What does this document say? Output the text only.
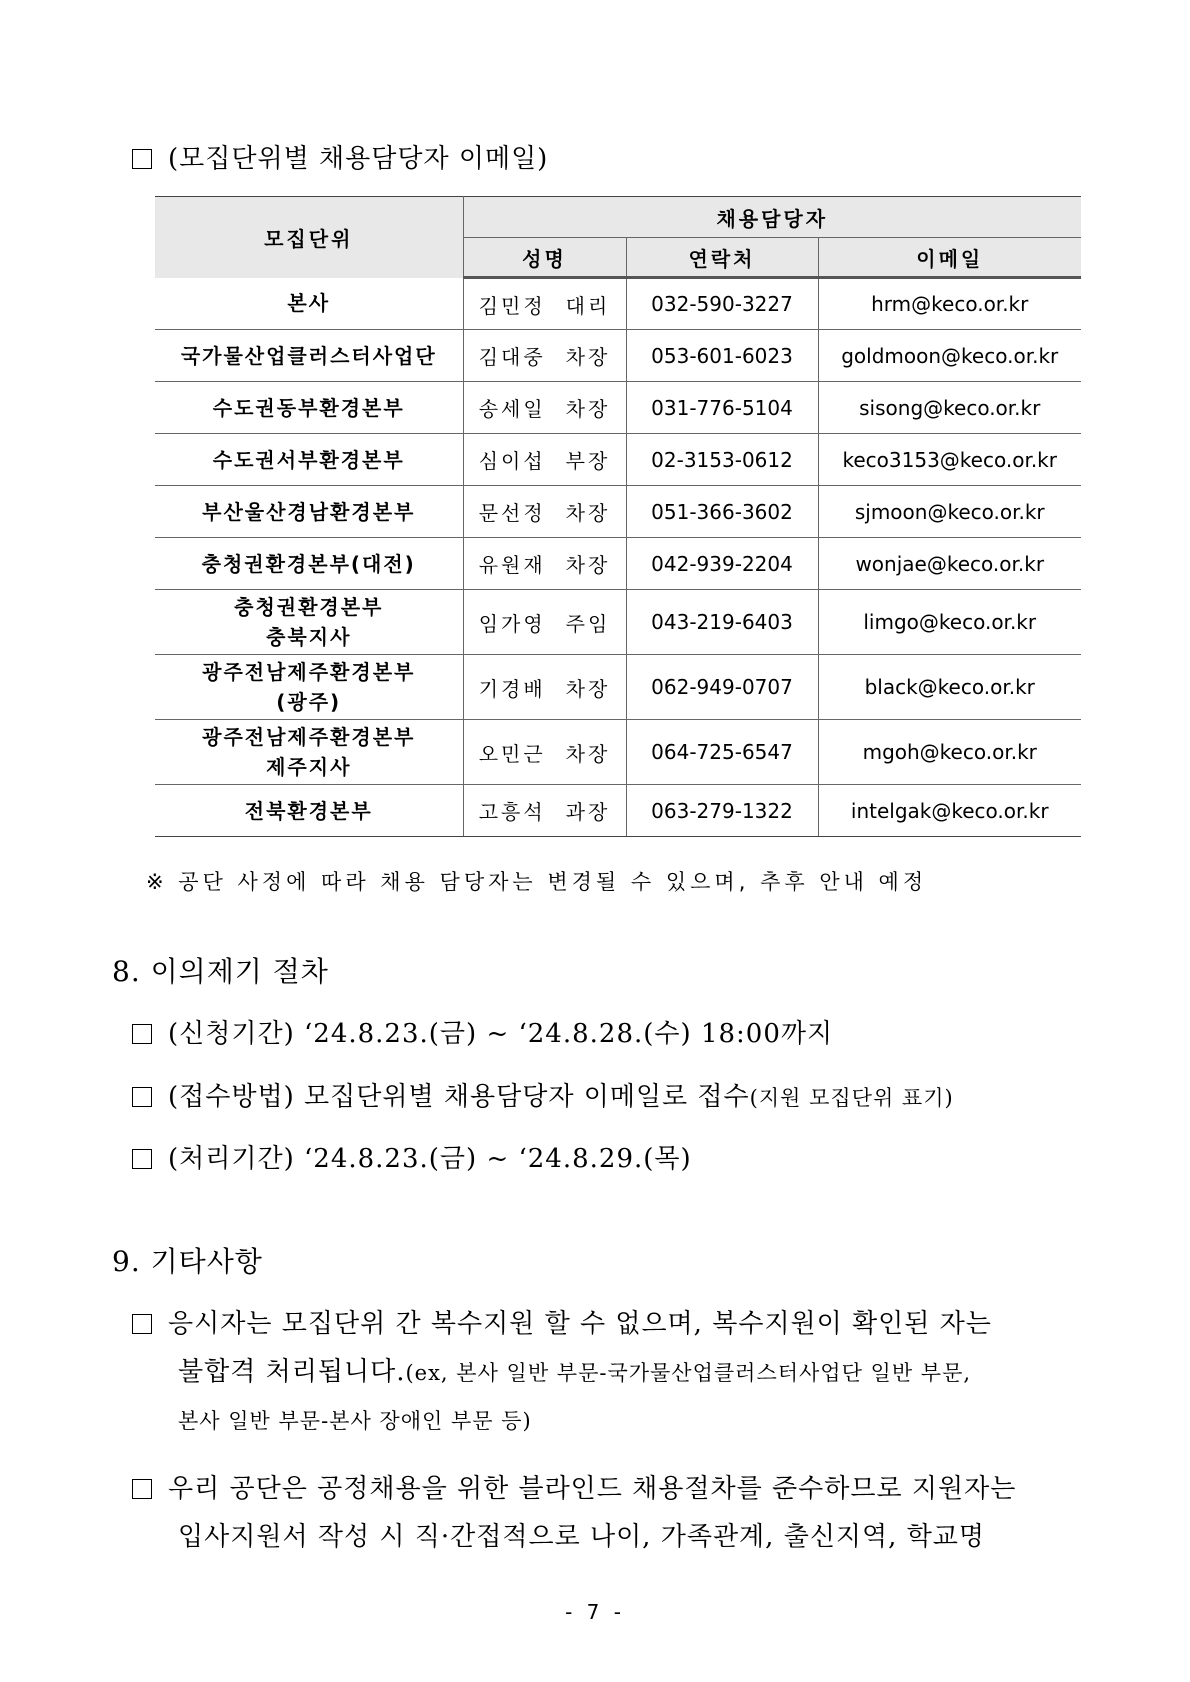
(모집단위별 채용담당자 이메일)
모집단위	채용담당자		
	성명	연락처	이메일

본사	김민정 대리	032-590-3227	hrm@keco.or.kr

국가물산업클러스터사업단	김대중 차장	053-601-6023	goldmoon@keco.or.kr

수도권동부환경본부	송세일 차장	031-776-5104	sisong@keco.or.kr

수도권서부환경본부	심이섭 부장	02-3153-0612	keco3153@keco.or.kr

부산울산경남환경본부	문선정 차장	051-366-3602	sjmoon@keco.or.kr

충청권환경본부(대전)	유원재 차장	042-939-2204	wonjae@keco.or.kr

충청권환경본부
충북지사	임가영 주임	043-219-6403	limgo@keco.or.kr

광주전남제주환경본부
(광주)	기경배 차장	062-949-0707	black@keco.or.kr

광주전남제주환경본부
제주지사	오민근 차장	064-725-6547	mgoh@keco.or.kr

전북환경본부	고흥석 과장	063-279-1322	intelgak@keco.or.kr
※ 공단 사정에 따라 채용 담당자는 변경될 수 있으며, 추후 안내 예정
8. 이의제기 절차
(신청기간) ‘24.8.23.(금) ~ ‘24.8.28.(수) 18:00까지
(접수방법) 모집단위별 채용담당자 이메일로 접수(지원 모집단위 표기)
(처리기간) ‘24.8.23.(금) ~ ‘24.8.29.(목)
9. 기타사항
응시자는 모집단위 간 복수지원 할 수 없으며, 복수지원이 확인된 자는
불합격 처리됩니다.(ex, 본사 일반 부문-국가물산업클러스터사업단 일반 부문,
본사 일반 부문-본사 장애인 부문 등)
우리 공단은 공정채용을 위한 블라인드 채용절차를 준수하므로 지원자는
입사지원서 작성 시 직·간접적으로 나이, 가족관계, 출신지역, 학교명
- 7 -
